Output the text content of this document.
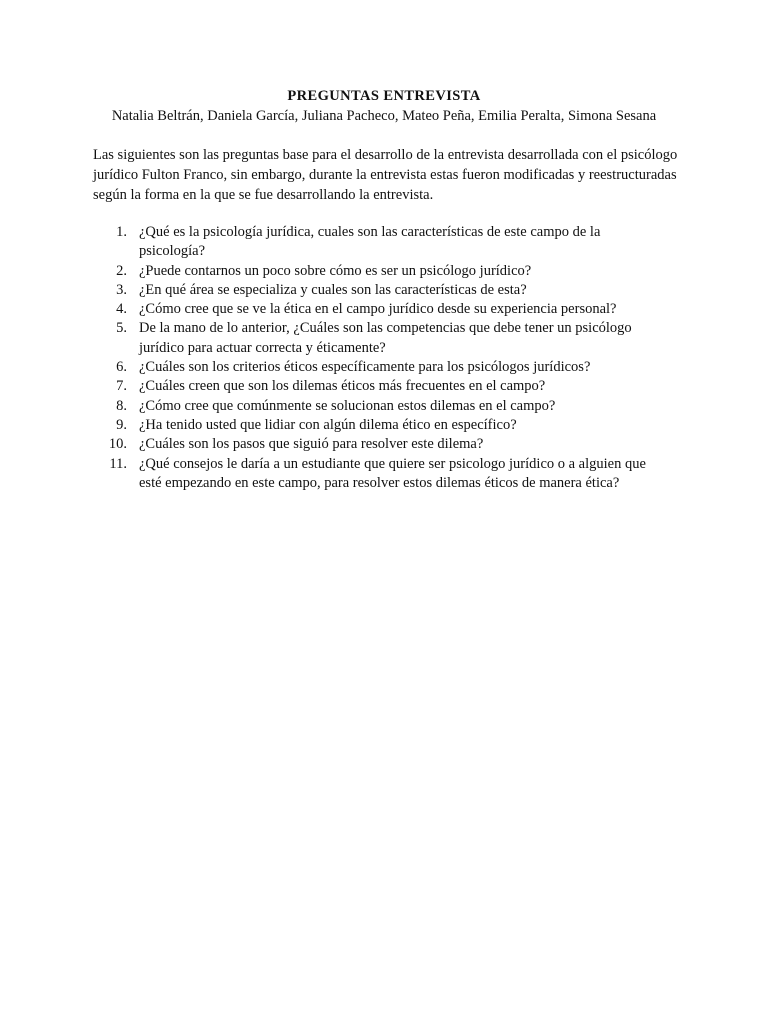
PREGUNTAS ENTREVISTA

Natalia Beltrán, Daniela García, Juliana Pacheco, Mateo Peña, Emilia Peralta, Simona Sesana

Las siguientes son las preguntas base para el desarrollo de la entrevista desarrollada con el psicólogo jurídico Fulton Franco, sin embargo, durante la entrevista estas fueron modificadas y reestructuradas según la forma en la que se fue desarrollando la entrevista.

1. ¿Qué es la psicología jurídica, cuales son las características de este campo de la psicología?
2. ¿Puede contarnos un poco sobre cómo es ser un psicólogo jurídico?
3. ¿En qué área se especializa y cuales son las características de esta?
4. ¿Cómo cree que se ve la ética en el campo jurídico desde su experiencia personal?
5. De la mano de lo anterior, ¿Cuáles son las competencias que debe tener un psicólogo jurídico para actuar correcta y éticamente?
6. ¿Cuáles son los criterios éticos específicamente para los psicólogos jurídicos?
7. ¿Cuáles creen que son los dilemas éticos más frecuentes en el campo?
8. ¿Cómo cree que comúnmente se solucionan estos dilemas en el campo?
9. ¿Ha tenido usted que lidiar con algún dilema ético en específico?
10. ¿Cuáles son los pasos que siguió para resolver este dilema?
11. ¿Qué consejos le daría a un estudiante que quiere ser psicologo jurídico o a alguien que esté empezando en este campo, para resolver estos dilemas éticos de manera ética?
